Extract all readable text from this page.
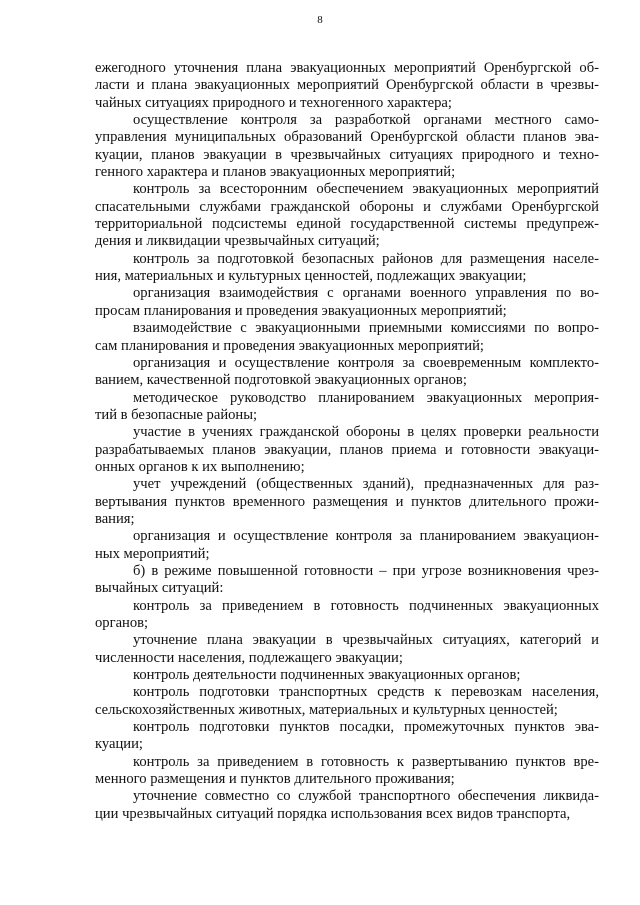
8

ежегодного уточнения плана эвакуационных мероприятий Оренбургской об-
ласти и плана эвакуационных мероприятий Оренбургской области в чрезвы-
чайных ситуациях природного и техногенного характера;

осуществление контроля за разработкой органами местного само-
управления муниципальных образований Оренбургской области планов эва-
куации, планов эвакуации в чрезвычайных ситуациях природного и техно-
генного характера и планов эвакуационных мероприятий;

контроль за всесторонним обеспечением эвакуационных мероприятий
спасательными службами гражданской обороны и службами Оренбургской
территориальной подсистемы единой государственной системы предупреж-
дения и ликвидации чрезвычайных ситуаций;

контроль за подготовкой безопасных районов для размещения населе-
ния, материальных и культурных ценностей, подлежащих эвакуации;

организация взаимодействия с органами военного управления по во-
просам планирования и проведения эвакуационных мероприятий;

взаимодействие с эвакуационными приемными комиссиями по вопро-
сам планирования и проведения эвакуационных мероприятий;

организация и осуществление контроля за своевременным комплекто-
ванием, качественной подготовкой эвакуационных органов;

методическое руководство планированием эвакуационных мероприя-
тий в безопасные районы;

участие в учениях гражданской обороны в целях проверки реальности
разрабатываемых планов эвакуации, планов приема и готовности эвакуаци-
онных органов к их выполнению;

учет учреждений (общественных зданий), предназначенных для раз-
вертывания пунктов временного размещения и пунктов длительного прожи-
вания;

организация и осуществление контроля за планированием эвакуацион-
ных мероприятий;

б) в режиме повышенной готовности – при угрозе возникновения чрез-
вычайных ситуаций:

контроль за приведением в готовность подчиненных эвакуационных
органов;

уточнение плана эвакуации в чрезвычайных ситуациях, категорий и
численности населения, подлежащего эвакуации;

контроль деятельности подчиненных эвакуационных органов;

контроль подготовки транспортных средств к перевозкам населения,
сельскохозяйственных животных, материальных и культурных ценностей;

контроль подготовки пунктов посадки, промежуточных пунктов эва-
куации;

контроль за приведением в готовность к развертыванию пунктов вре-
менного размещения и пунктов длительного проживания;

уточнение совместно со службой транспортного обеспечения ликвида-
ции чрезвычайных ситуаций порядка использования всех видов транспорта,
